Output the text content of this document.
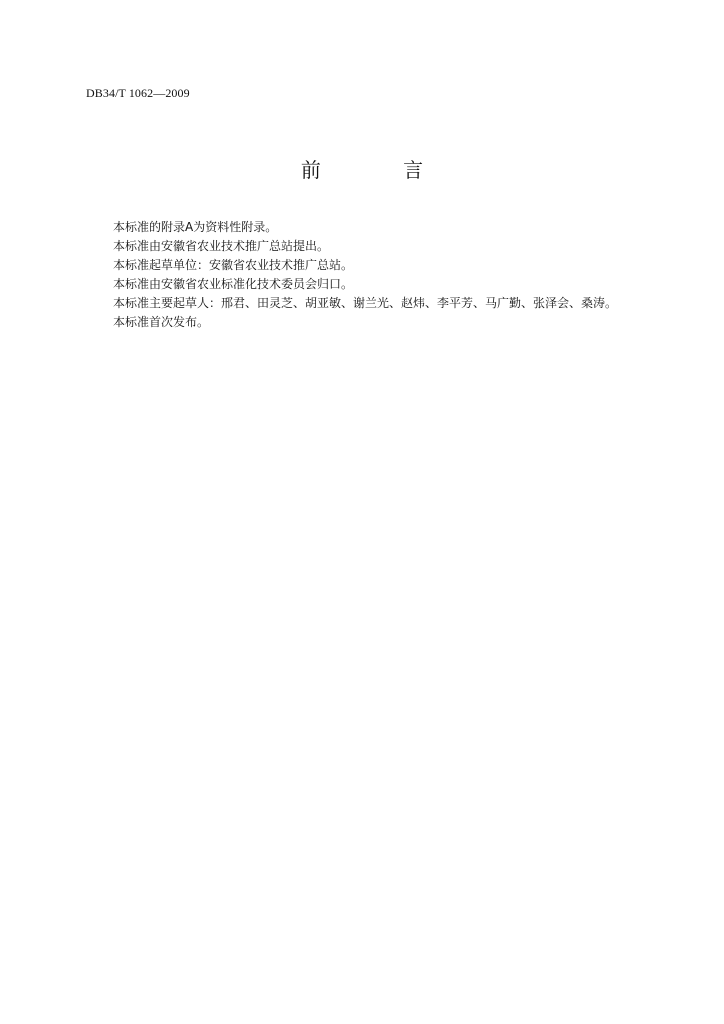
DB34/T 1062—2009
前 言

本标准的附录A为资料性附录。

本标准由安徽省农业技术推广总站提出。

本标准起草单位：安徽省农业技术推广总站。

本标准由安徽省农业标准化技术委员会归口。

本标准主要起草人：邢君、田灵芝、胡亚敏、谢兰光、赵炜、李平芳、马广勤、张泽会、桑涛。

本标准首次发布。
